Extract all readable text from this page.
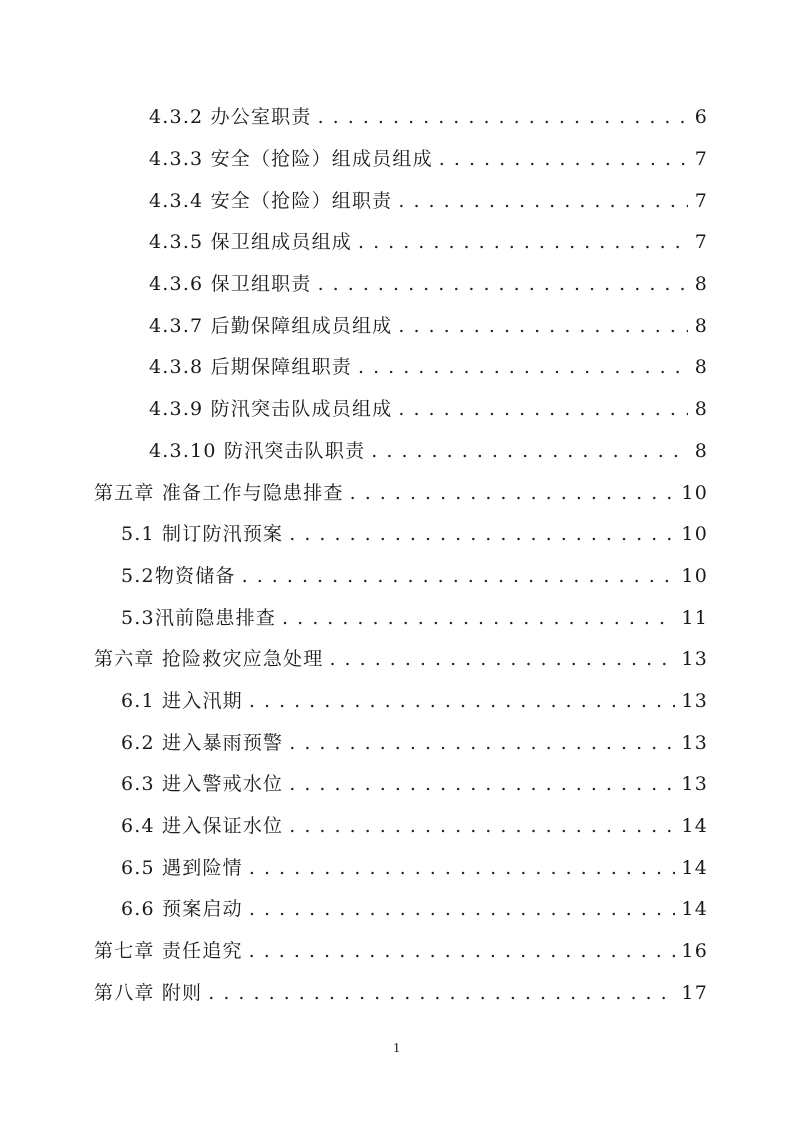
4.3.2 办公室职责 . . .	6
4.3.3 安全（抢险）组成员组成 . . .	7
4.3.4 安全（抢险）组职责 . . .	7
4.3.5 保卫组成员组成 . . .	7
4.3.6 保卫组职责 . . .	8
4.3.7 后勤保障组成员组成 . . .	8
4.3.8 后期保障组职责 . . .	8
4.3.9 防汛突击队成员组成 . . .	8
4.3.10 防汛突击队职责 . . .	8
第五章 准备工作与隐患排查 . . .	10
5.1 制订防汛预案 . . .	10
5.2物资储备 . . .	10
5.3汛前隐患排查 . . .	11
第六章 抢险救灾应急处理 . . .	13
6.1 进入汛期 . . .	13
6.2 进入暴雨预警 . . .	13
6.3 进入警戒水位 . . .	13
6.4 进入保证水位 . . .	14
6.5 遇到险情 . . .	14
6.6 预案启动 . . .	14
第七章 责任追究 . . .	16
第八章 附则 . . .	17
1
